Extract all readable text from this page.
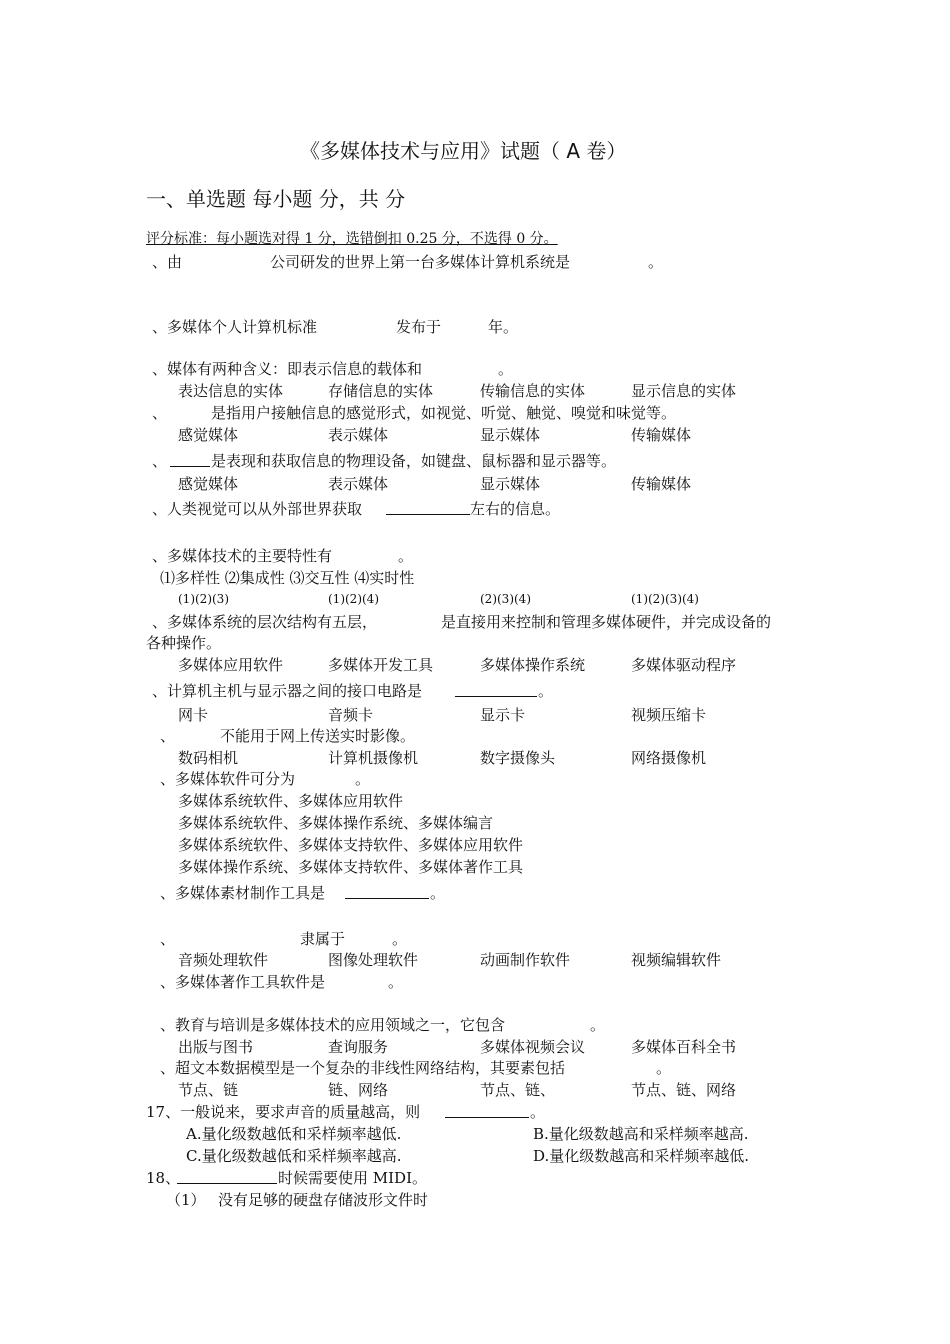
《多媒体技术与应用》试题（ A 卷）
一、单选题 每小题 分，共 分
评分标准：每小题选对得 1 分，选错倒扣 0.25 分，不选得 0 分。
、由	公司研发的世界上第一台多媒体计算机系统是	。
、多媒体个人计算机标准	发布于	年。
、媒体有两种含义：即表示信息的载体和	。
表达信息的实体	存储信息的实体	传输信息的实体	显示信息的实体
、	是指用户接触信息的感觉形式，如视觉、听觉、触觉、嗅觉和味觉等。
感觉媒体	表示媒体	显示媒体	传输媒体
、	是表现和获取信息的物理设备，如键盘、鼠标器和显示器等。
感觉媒体	表示媒体	显示媒体	传输媒体
、人类视觉可以从外部世界获取	左右的信息。
、多媒体技术的主要特性有	。
⑴多样性 ⑵集成性 ⑶交互性 ⑷实时性
(1)(2)(3)	(1)(2)(4)	(2)(3)(4)	(1)(2)(3)(4)
、多媒体系统的层次结构有五层，	是直接用来控制和管理多媒体硬件，并完成设备的
各种操作。
多媒体应用软件	多媒体开发工具	多媒体操作系统	多媒体驱动程序
、计算机主机与显示器之间的接口电路是	。
网卡	音频卡	显示卡	视频压缩卡
、	不能用于网上传送实时影像。
数码相机	计算机摄像机	数字摄像头	网络摄像机
、多媒体软件可分为	。
多媒体系统软件、多媒体应用软件
多媒体系统软件、多媒体操作系统、多媒体编言
多媒体系统软件、多媒体支持软件、多媒体应用软件
多媒体操作系统、多媒体支持软件、多媒体著作工具
、多媒体素材制作工具是	。
、	隶属于	。
音频处理软件	图像处理软件	动画制作软件	视频编辑软件
、多媒体著作工具软件是	。
、教育与培训是多媒体技术的应用领域之一，它包含	。
出版与图书	查询服务	多媒体视频会议	多媒体百科全书
、超文本数据模型是一个复杂的非线性网络结构，其要素包括	。
节点、链	链、网络	节点、链、	节点、链、网络
17、一般说来，要求声音的质量越高，则	。
A.量化级数越低和采样频率越低.	B.量化级数越高和采样频率越高.
C.量化级数越低和采样频率越高.	D.量化级数越高和采样频率越低.
18、	时候需要使用 MIDI。
（1） 没有足够的硬盘存储波形文件时
